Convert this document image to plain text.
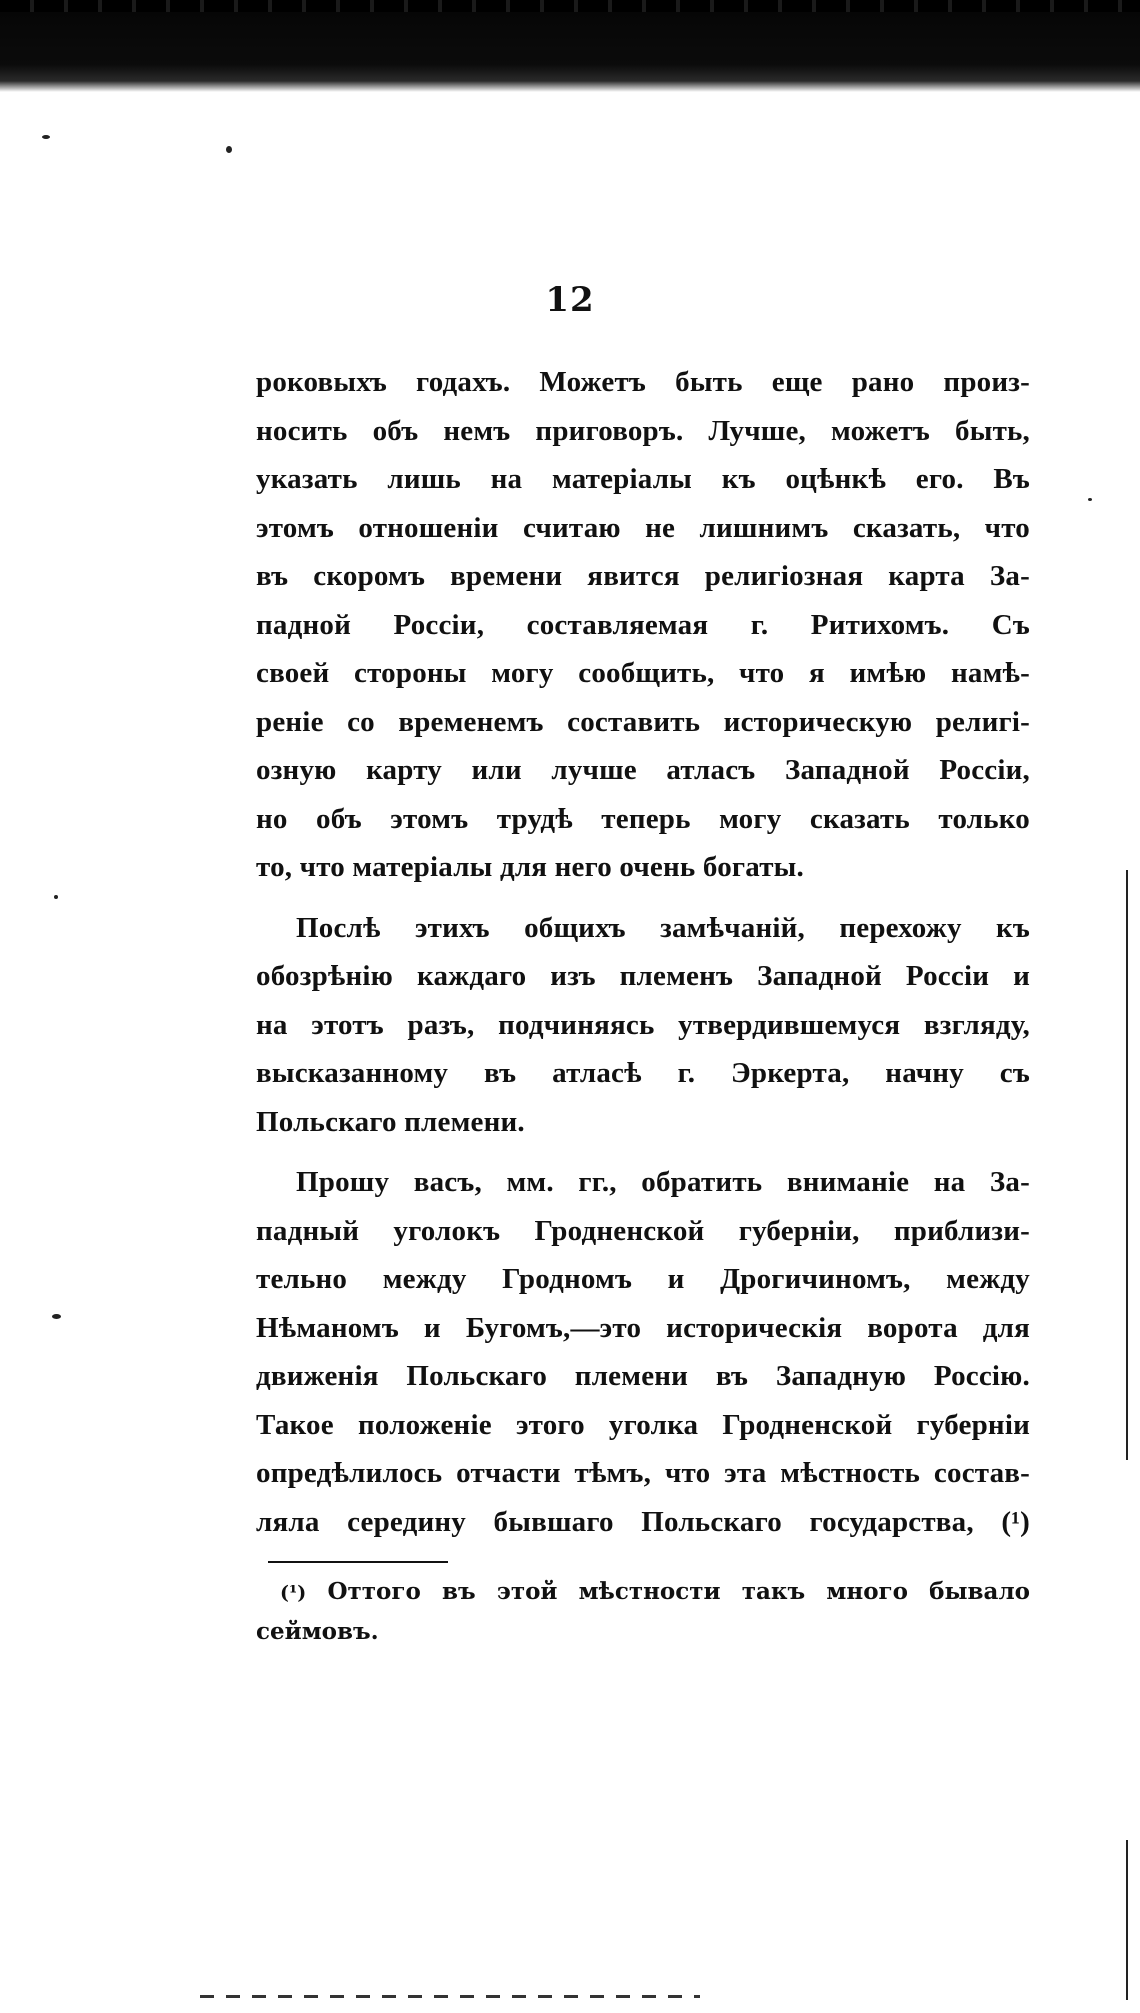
12
роковыхъ годахъ. Можетъ быть еще рано произ-
носить объ немъ приговоръ. Лучше, можетъ быть,
указать лишь на матеріалы къ оцѣнкѣ его. Въ
этомъ отношеніи считаю не лишнимъ сказать, что
въ скоромъ времени явится религіозная карта За-
падной Россіи, составляемая г. Ритихомъ. Съ
своей стороны могу сообщить, что я имѣю намѣ-
реніе со временемъ составить историческую религі-
озную карту или лучше атласъ Западной Россіи,
но объ этомъ трудѣ теперь могу сказать только
то, что матеріалы для него очень богаты.
Послѣ этихъ общихъ замѣчаній, перехожу къ
обозрѣнію каждаго изъ племенъ Западной Россіи и
на этотъ разъ, подчиняясь утвердившемуся взгляду,
высказанному въ атласѣ г. Эркерта, начну съ
Польскаго племени.
Прошу васъ, мм. гг., обратить вниманіе на За-
падный уголокъ Гродненской губерніи, приблизи-
тельно между Гродномъ и Дрогичиномъ, между
Нѣманомъ и Бугомъ,—это историческія ворота для
движенія Польскаго племени въ Западную Россію.
Такое положеніе этого уголка Гродненской губерніи
опредѣлилось отчасти тѣмъ, что эта мѣстность состав-
ляла середину бывшаго Польскаго государства, (¹)
(¹) Оттого въ этой мѣстности такъ много бывало
сеймовъ.
